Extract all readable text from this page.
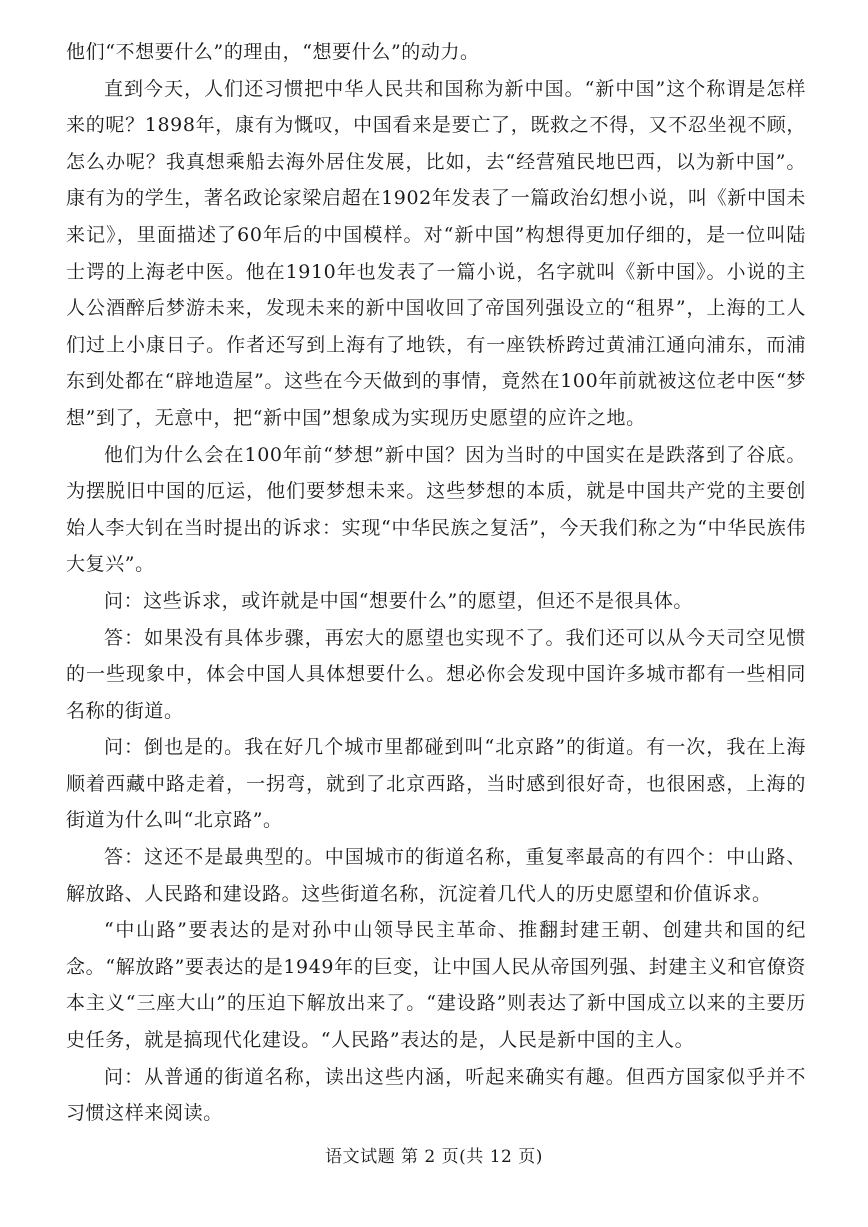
他们“不想要什么”的理由，“想要什么”的动力。

直到今天，人们还习惯把中华人民共和国称为新中国。“新中国”这个称谓是怎样来的呢？1898年，康有为慨叹，中国看来是要亡了，既救之不得，又不忍坐视不顾，怎么办呢？我真想乘船去海外居住发展，比如，去“经营殖民地巴西，以为新中国”。康有为的学生，著名政论家梁启超在1902年发表了一篇政治幻想小说，叫《新中国未来记》，里面描述了60年后的中国模样。对“新中国”构想得更加仔细的，是一位叫陆士谔的上海老中医。他在1910年也发表了一篇小说，名字就叫《新中国》。小说的主人公酒醉后梦游未来，发现未来的新中国收回了帝国列强设立的“租界”，上海的工人们过上小康日子。作者还写到上海有了地铁，有一座铁桥跨过黄浦江通向浦东，而浦东到处都在“辟地造屋”。这些在今天做到的事情，竟然在100年前就被这位老中医“梦想”到了，无意中，把“新中国”想象成为实现历史愿望的应许之地。

他们为什么会在100年前“梦想”新中国？因为当时的中国实在是跌落到了谷底。为摆脱旧中国的厄运，他们要梦想未来。这些梦想的本质，就是中国共产党的主要创始人李大钊在当时提出的诉求：实现“中华民族之复活”，今天我们称之为“中华民族伟大复兴”。

问：这些诉求，或许就是中国“想要什么”的愿望，但还不是很具体。

答：如果没有具体步骤，再宏大的愿望也实现不了。我们还可以从今天司空见惯的一些现象中，体会中国人具体想要什么。想必你会发现中国许多城市都有一些相同名称的街道。

问：倒也是的。我在好几个城市里都碰到叫“北京路”的街道。有一次，我在上海顺着西藏中路走着，一拐弯，就到了北京西路，当时感到很好奇，也很困惑，上海的街道为什么叫“北京路”。

答：这还不是最典型的。中国城市的街道名称，重复率最高的有四个：中山路、解放路、人民路和建设路。这些街道名称，沉淀着几代人的历史愿望和价值诉求。

“中山路”要表达的是对孙中山领导民主革命、推翻封建王朝、创建共和国的纪念。“解放路”要表达的是1949年的巨变，让中国人民从帝国列强、封建主义和官僚资本主义“三座大山”的压迫下解放出来了。“建设路”则表达了新中国成立以来的主要历史任务，就是搞现代化建设。“人民路”表达的是，人民是新中国的主人。

问：从普通的街道名称，读出这些内涵，听起来确实有趣。但西方国家似乎并不习惯这样来阅读。

语文试题 第 2 页(共 12 页)
